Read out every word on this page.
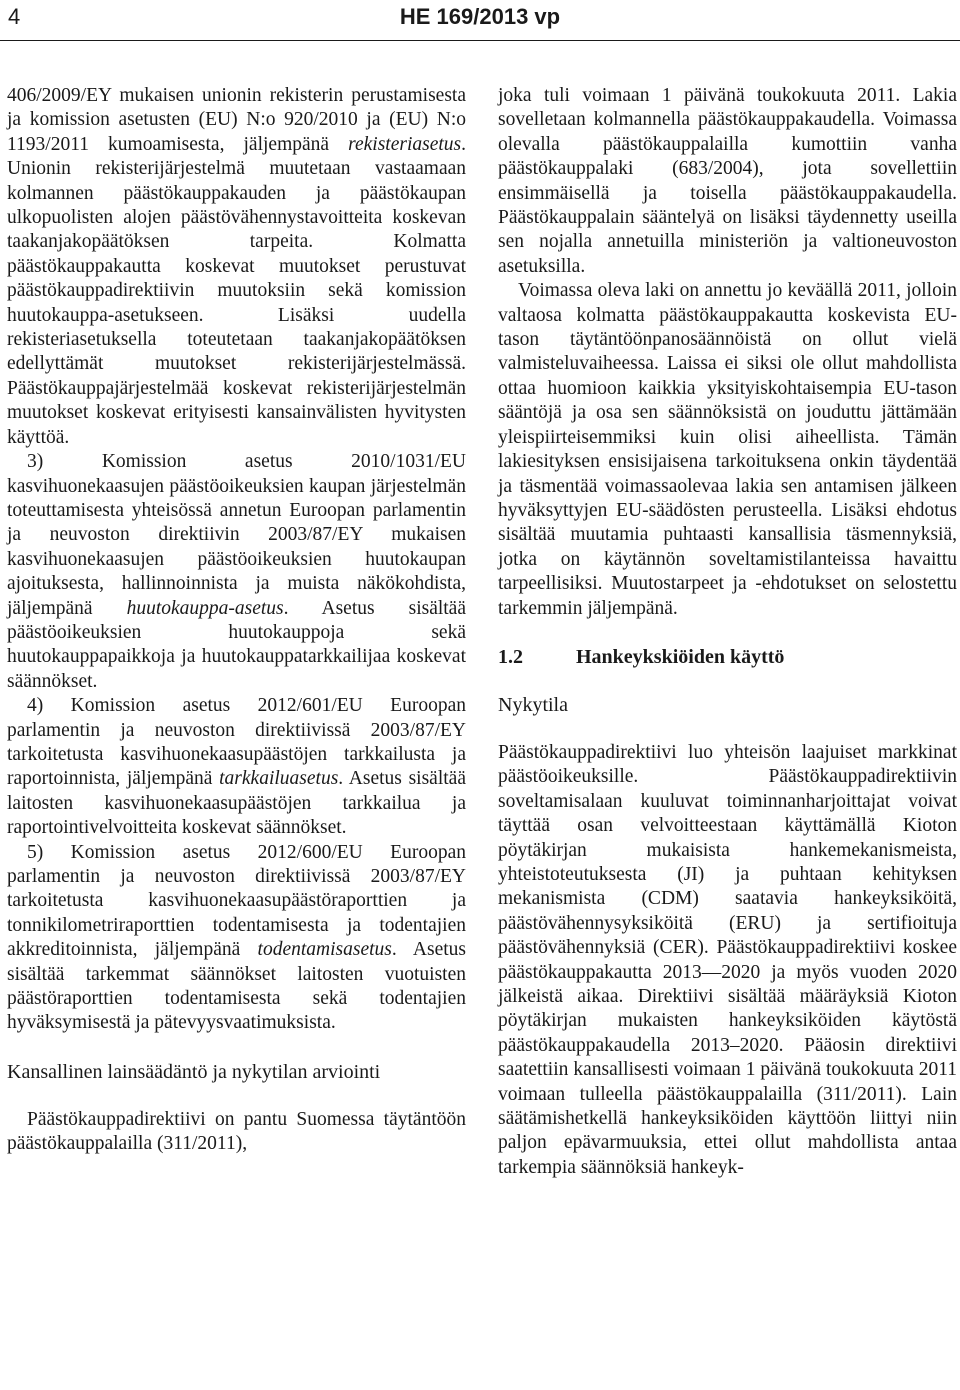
4	HE 169/2013 vp

406/2009/EY mukaisen unionin rekisterin perustamisesta ja komission asetusten (EU) N:o 920/2010 ja (EU) N:o 1193/2011 kumoamisesta, jäljempänä rekisteriasetus. Unionin rekisterijärjestelmä muutetaan vastaamaan kolmannen päästökauppakauden ja päästökaupan ulkopuolisten alojen päästövähennystavoitteita koskevan taakanjakopäätöksen tarpeita. Kolmatta päästökauppakautta koskevat muutokset perustuvat päästökauppadirektiivin muutoksiin sekä komission huutokauppa-asetukseen. Lisäksi uudella rekisteriasetuksella toteutetaan taakanjakopäätöksen edellyttämät muutokset rekisterijärjestelmässä. Päästökauppajärjestelmää koskevat rekisterijärjestelmän muutokset koskevat erityisesti kansainvälisten hyvitysten käyttöä.

3) Komission asetus 2010/1031/EU kasvihuonekaasujen päästöoikeuksien kaupan järjestelmän toteuttamisesta yhteisössä annetun Euroopan parlamentin ja neuvoston direktiivin 2003/87/EY mukaisen kasvihuonekaasujen päästöoikeuksien huutokaupan ajoituksesta, hallinnoinnista ja muista näkökohdista, jäljempänä huutokauppa-asetus. Asetus sisältää päästöoikeuksien huutokauppoja sekä huutokauppapaikkoja ja huutokauppatarkkailijaa koskevat säännökset.

4) Komission asetus 2012/601/EU Euroopan parlamentin ja neuvoston direktiivissä 2003/87/EY tarkoitetusta kasvihuonekaasupäästöjen tarkkailusta ja raportoinnista, jäljempänä tarkkailuasetus. Asetus sisältää laitosten kasvihuonekaasupäästöjen tarkkailua ja raportointivelvoitteita koskevat säännökset.

5) Komission asetus 2012/600/EU Euroopan parlamentin ja neuvoston direktiivissä 2003/87/EY tarkoitetusta kasvihuonekaasupäästöraporttien ja tonnikilometriraporttien todentamisesta ja todentajien akkreditoinnista, jäljempänä todentamisasetus. Asetus sisältää tarkemmat säännökset laitosten vuotuisten päästöraporttien todentamisesta sekä todentajien hyväksymisestä ja pätevyysvaatimuksista.

Kansallinen lainsäädäntö ja nykytilan arviointi

Päästökauppadirektiivi on pantu Suomessa täytäntöön päästökauppalailla (311/2011),

joka tuli voimaan 1 päivänä toukokuuta 2011. Lakia sovelletaan kolmannella päästökauppakaudella. Voimassa olevalla päästökauppalailla kumottiin vanha päästökauppalaki (683/2004), jota sovellettiin ensimmäisellä ja toisella päästökauppakaudella. Päästökauppalain sääntelyä on lisäksi täydennetty useilla sen nojalla annetuilla ministeriön ja valtioneuvoston asetuksilla.

Voimassa oleva laki on annettu jo keväällä 2011, jolloin valtaosa kolmatta päästökauppakautta koskevista EU-tason täytäntöönpanosäännöistä on ollut vielä valmisteluvaiheessa. Laissa ei siksi ole ollut mahdollista ottaa huomioon kaikkia yksityiskohtaisempia EU-tason sääntöjä ja osa sen säännöksistä on jouduttu jättämään yleispiirteisemmiksi kuin olisi aiheellista. Tämän lakiesityksen ensisijaisena tarkoituksena onkin täydentää ja täsmentää voimassaolevaa lakia sen antamisen jälkeen hyväksyttyjen EU-säädösten perusteella. Lisäksi ehdotus sisältää muutamia puhtaasti kansallisia täsmennyksiä, jotka on käytännön soveltamistilanteissa havaittu tarpeellisiksi. Muutostarpeet ja -ehdotukset on selostettu tarkemmin jäljempänä.

1.2	Hankeykskiöiden käyttö

Nykytila

Päästökauppadirektiivi luo yhteisön laajuiset markkinat päästöoikeuksille. Päästökauppadirektiivin soveltamisalaan kuuluvat toiminnanharjoittajat voivat täyttää osan velvoitteestaan käyttämällä Kioton pöytäkirjan mukaisista hankemekanismeista, yhteistoteutuksesta (JI) ja puhtaan kehityksen mekanismista (CDM) saatavia hankeyksiköitä, päästövähennysyksiköitä (ERU) ja sertifioituja päästövähennyksiä (CER). Päästökauppadirektiivi koskee päästökauppakautta 2013—2020 ja myös vuoden 2020 jälkeistä aikaa. Direktiivi sisältää määräyksiä Kioton pöytäkirjan mukaisten hankeyksiköiden käytöstä päästökauppakaudella 2013–2020. Pääosin direktiivi saatettiin kansallisesti voimaan 1 päivänä toukokuuta 2011 voimaan tulleella päästökauppalailla (311/2011). Lain säätämishetkellä hankeyksiköiden käyttöön liittyi niin paljon epävarmuuksia, ettei ollut mahdollista antaa tarkempia säännöksiä hankeyk-
